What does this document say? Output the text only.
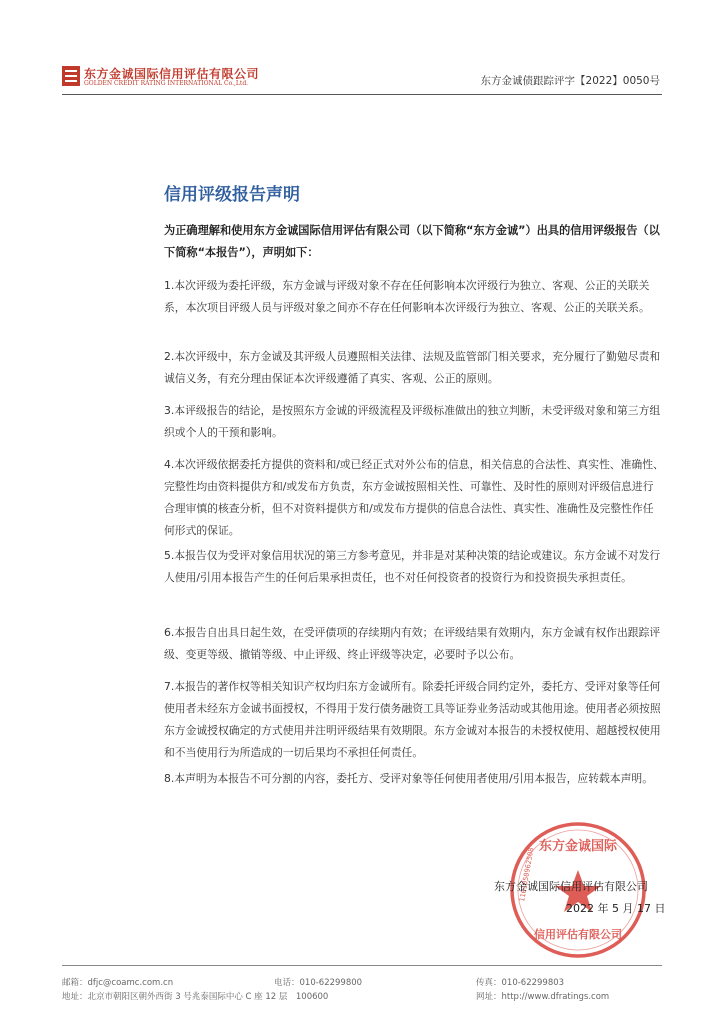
东方金诚国际信用评估有限公司
GOLDEN CREDIT RATING INTERNATIONAL Co.,Ltd.	东方金诚债跟踪评字【2022】0050号
信用评级报告声明
为正确理解和使用东方金诚国际信用评估有限公司（以下简称“东方金诚”）出具的信用评级报告（以下简称“本报告”），声明如下：
1.本次评级为委托评级，东方金诚与评级对象不存在任何影响本次评级行为独立、客观、公正的关联关系，本次项目评级人员与评级对象之间亦不存在任何影响本次评级行为独立、客观、公正的关联关系。
2.本次评级中，东方金诚及其评级人员遵照相关法律、法规及监管部门相关要求，充分履行了勤勉尽责和诚信义务，有充分理由保证本次评级遵循了真实、客观、公正的原则。
3.本评级报告的结论，是按照东方金诚的评级流程及评级标准做出的独立判断，未受评级对象和第三方组织或个人的干预和影响。
4.本次评级依据委托方提供的资料和/或已经正式对外公布的信息，相关信息的合法性、真实性、准确性、完整性均由资料提供方和/或发布方负责，东方金诚按照相关性、可靠性、及时性的原则对评级信息进行合理审慎的核查分析，但不对资料提供方和/或发布方提供的信息合法性、真实性、准确性及完整性作任何形式的保证。
5.本报告仅为受评对象信用状况的第三方参考意见，并非是对某种决策的结论或建议。东方金诚不对发行人使用/引用本报告产生的任何后果承担责任，也不对任何投资者的投资行为和投资损失承担责任。
6.本报告自出具日起生效，在受评债项的存续期内有效；在评级结果有效期内，东方金诚有权作出跟踪评级、变更等级、撤销等级、中止评级、终止评级等决定，必要时予以公布。
7.本报告的著作权等相关知识产权均归东方金诚所有。除委托评级合同约定外，委托方、受评对象等任何使用者未经东方金诚书面授权，不得用于发行债务融资工具等证券业务活动或其他用途。使用者必须按照东方金诚授权确定的方式使用并注明评级结果有效期限。东方金诚对本报告的未授权使用、超越授权使用和不当使用行为所造成的一切后果均不承担任何责任。
8.本声明为本报告不可分割的内容，委托方、受评对象等任何使用者使用/引用本报告，应转载本声明。
东方金诚国际
信用评估有限公司
1101050962508
东方金诚国际信用评估有限公司
2022 年 5 月 17 日
邮箱：dfjc@coamc.com.cn	电话：010-62299800	传真：010-62299803
地址：北京市朝阳区朝外西街 3 号兆泰国际中心 C 座 12 层　100600	网址：http://www.dfratings.com
